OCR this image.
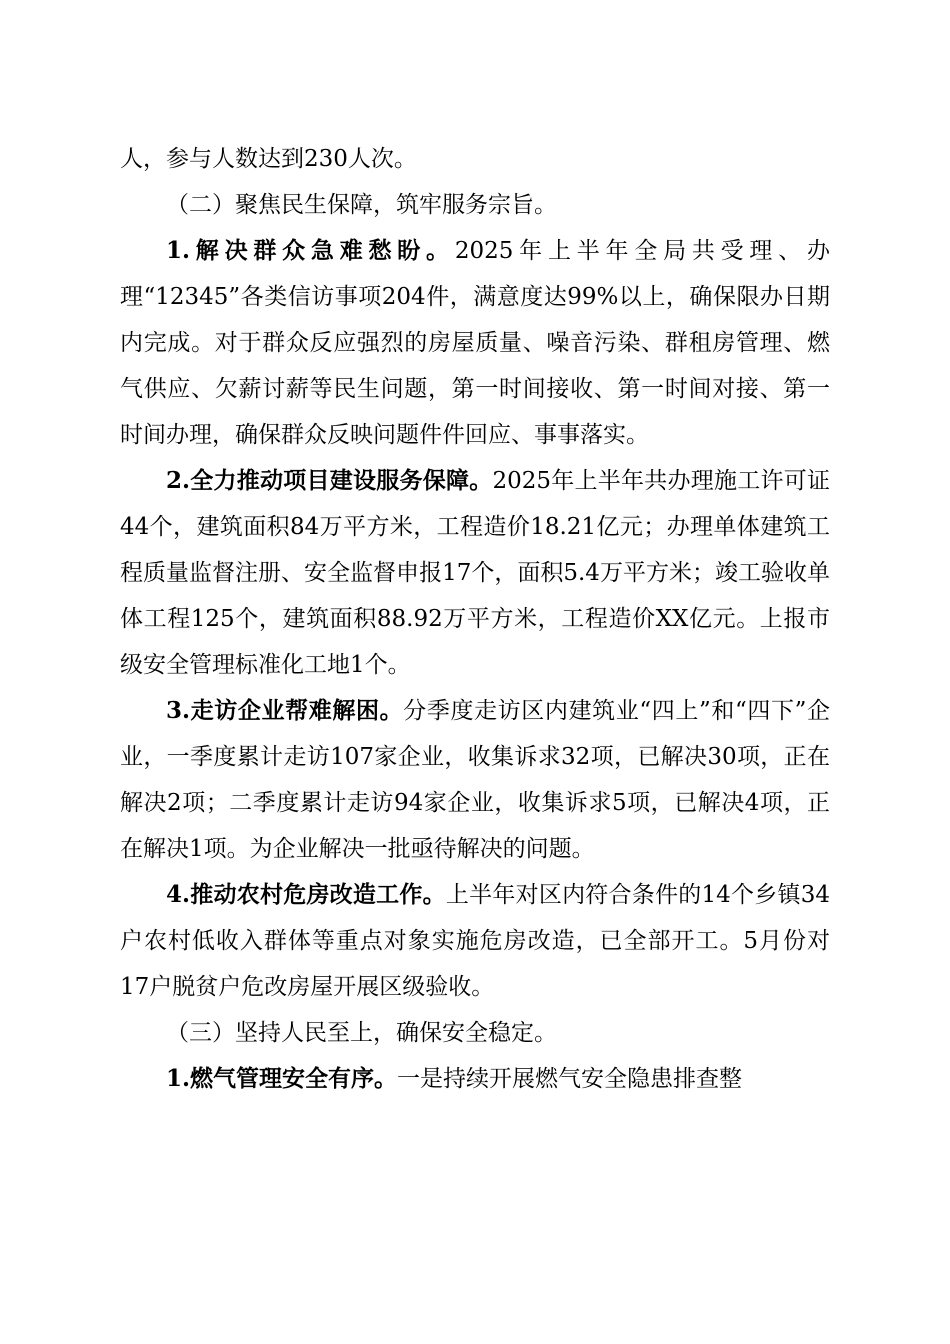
人，参与人数达到230人次。

（二）聚焦民生保障，筑牢服务宗旨。

1.解决群众急难愁盼。2025年上半年全局共受理、办理“12345”各类信访事项204件，满意度达99%以上，确保限办日期内完成。对于群众反应强烈的房屋质量、噪音污染、群租房管理、燃气供应、欠薪讨薪等民生问题，第一时间接收、第一时间对接、第一时间办理，确保群众反映问题件件回应、事事落实。

2.全力推动项目建设服务保障。2025年上半年共办理施工许可证44个，建筑面积84万平方米，工程造价18.21亿元；办理单体建筑工程质量监督注册、安全监督申报17个，面积5.4万平方米；竣工验收单体工程125个，建筑面积88.92万平方米，工程造价XX亿元。上报市级安全管理标准化工地1个。

3.走访企业帮难解困。分季度走访区内建筑业“四上”和“四下”企业，一季度累计走访107家企业，收集诉求32项，已解决30项，正在解决2项；二季度累计走访94家企业，收集诉求5项，已解决4项，正在解决1项。为企业解决一批亟待解决的问题。

4.推动农村危房改造工作。上半年对区内符合条件的14个乡镇34户农村低收入群体等重点对象实施危房改造，已全部开工。5月份对17户脱贫户危改房屋开展区级验收。

（三）坚持人民至上，确保安全稳定。

1.燃气管理安全有序。一是持续开展燃气安全隐患排查整
